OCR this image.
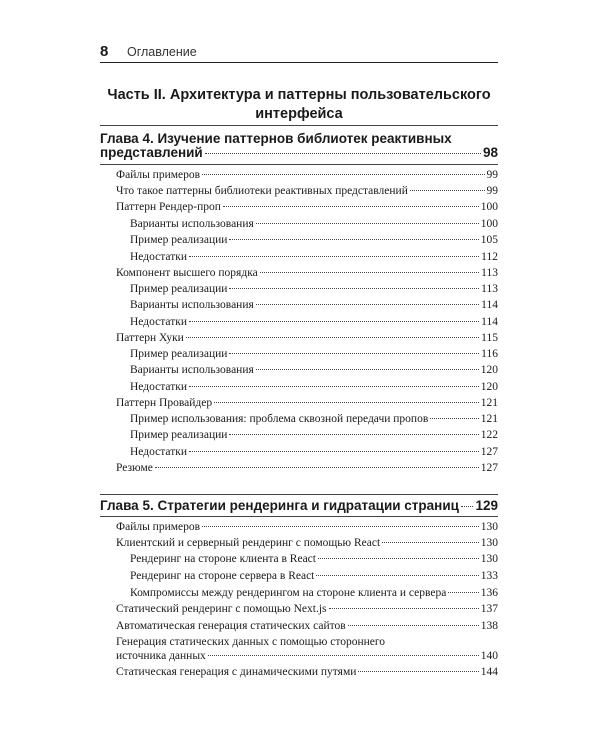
8 Оглавление
Часть II. Архитектура и паттерны пользовательского
интерфейса
Глава 4. Изучение паттернов библиотек реактивных
представлений	98
Файлы примеров	99
Что такое паттерны библиотеки реактивных представлений	99
Паттерн Рендер-проп	100
Варианты использования	100
Пример реализации	105
Недостатки	112
Компонент высшего порядка	113
Пример реализации	113
Варианты использования	114
Недостатки	114
Паттерн Хуки	115
Пример реализации	116
Варианты использования	120
Недостатки	120
Паттерн Провайдер	121
Пример использования: проблема сквозной передачи пропов	121
Пример реализации	122
Недостатки	127
Резюме	127
Глава 5. Стратегии рендеринга и гидратации страниц 129
Файлы примеров	130
Клиентский и серверный рендеринг с помощью React	130
Рендеринг на стороне клиента в React	130
Рендеринг на стороне сервера в React	133
Компромиссы между рендерингом на стороне клиента и сервера	136
Статический рендеринг с помощью Next.js	137
Автоматическая генерация статических сайтов	138
Генерация статических данных с помощью стороннего
источника данных	140
Статическая генерация с динамическими путями	144
